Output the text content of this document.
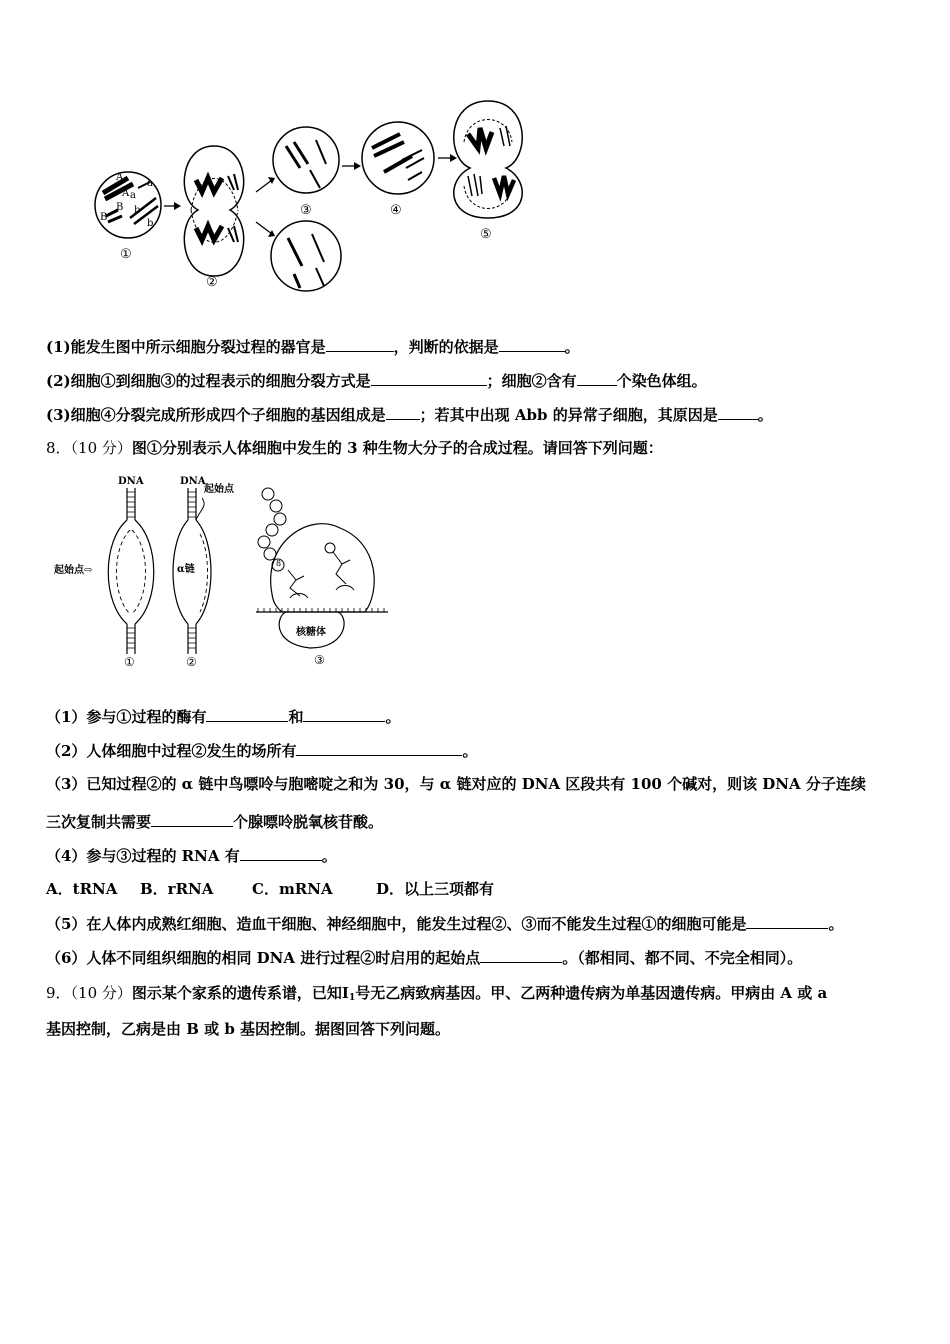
A
A
a
a
B
B b
b
①
②
③	④
⑤
(1)能发生图中所示细胞分裂过程的器官是	，判断的依据是	。
(2)细胞①到细胞③的过程表示的细胞分裂方式是	；细胞②含有	个染色体组。
(3)细胞④分裂完成所形成四个子细胞的基因组成是 ；若其中出现 Abb 的异常子细胞，其原因是	。
8．（10 分）图①分别表示人体细胞中发生的 3 种生物大分子的合成过程。请回答下列问题：
DNA
起始点⇨
①
DNA
起始点
α链
②
8
核糖体
③
（1）参与①过程的酶有	和	。
（2）人体细胞中过程②发生的场所有	。
（3）已知过程②的 α 链中鸟嘌呤与胞嘧啶之和为 30，与 α 链对应的 DNA 区段共有 100 个碱对，则该 DNA 分子连续
三次复制共需要	个腺嘌呤脱氧核苷酸。
（4）参与③过程的 RNA 有	。
A．tRNA B．rRNA	C．mRNA	D．以上三项都有
（5）在人体内成熟红细胞、造血干细胞、神经细胞中，能发生过程②、③而不能发生过程①的细胞可能是	。
（6）人体不同组织细胞的相同 DNA 进行过程②时启用的起始点	。（都相同、都不同、不完全相同）。
9．（10 分）图示某个家系的遗传系谱，已知$Ⅰ_1$号无乙病致病基因。甲、乙两种遗传病为单基因遗传病。甲病由 A 或 a
基因控制，乙病是由 B 或 b 基因控制。据图回答下列问题。
